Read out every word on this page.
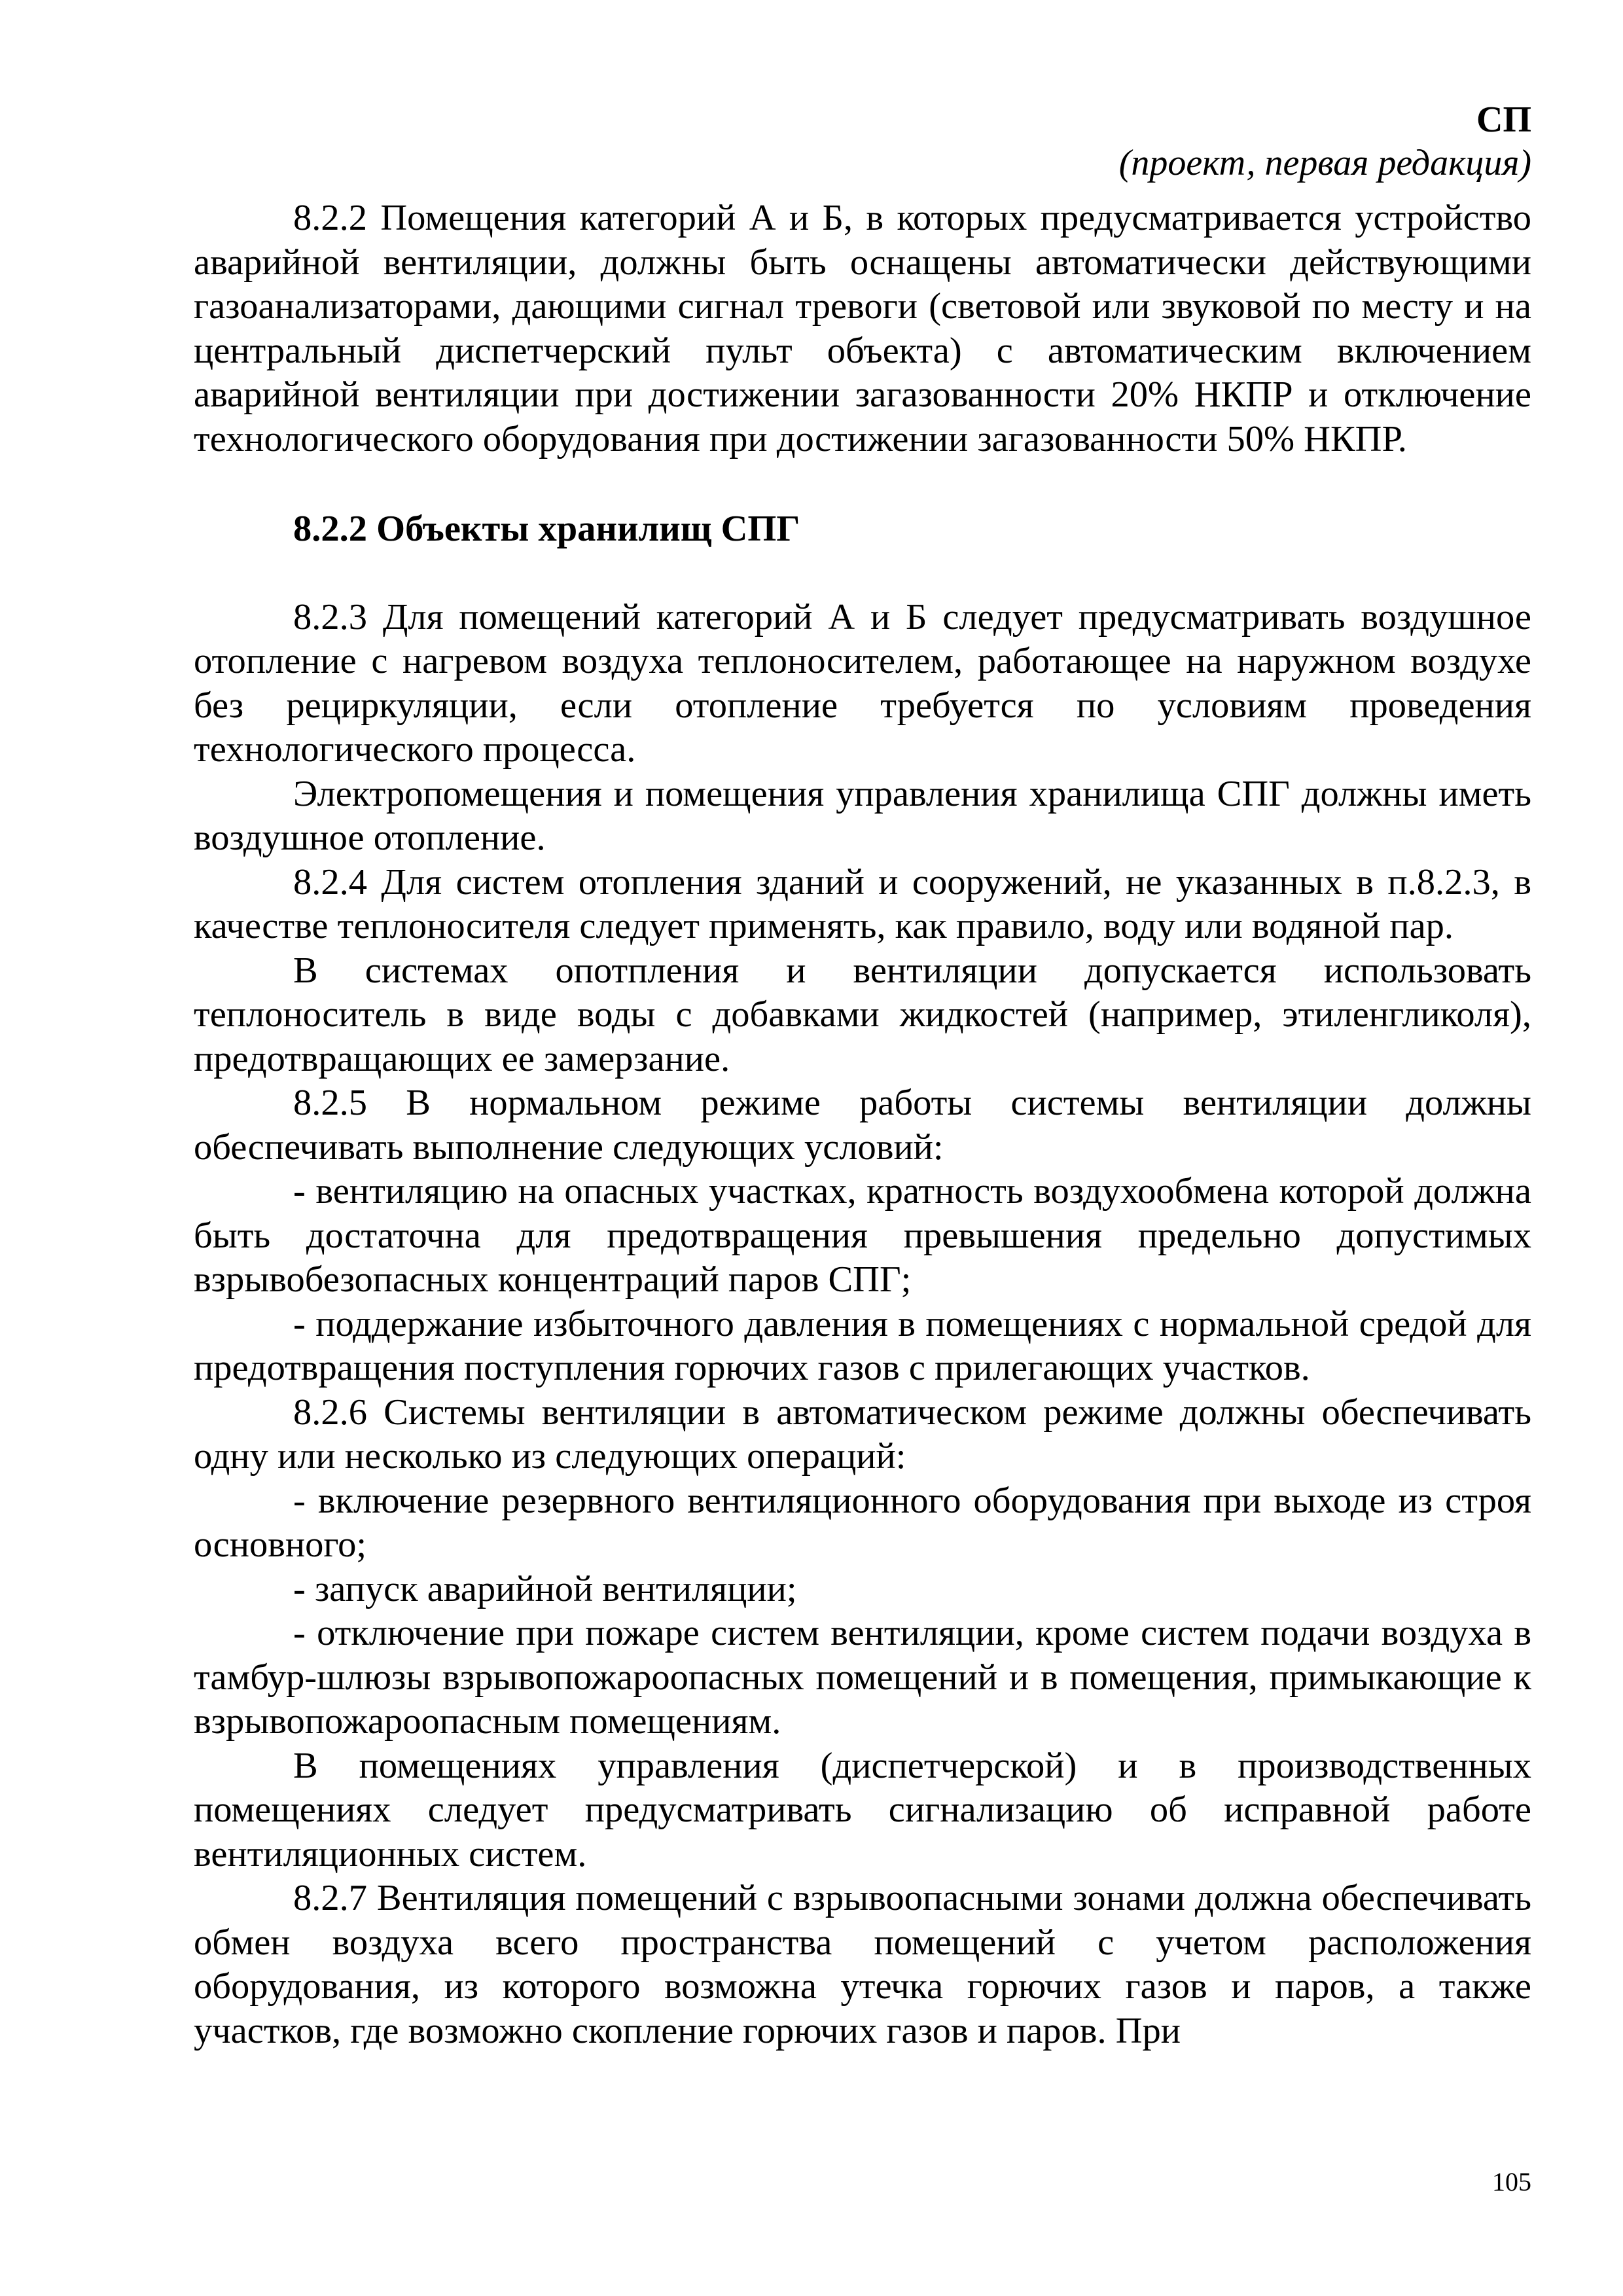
СП
(проект, первая редакция)

8.2.2 Помещения категорий А и Б, в которых предусматривается устройство аварийной вентиляции, должны быть оснащены автоматически действующими газоанализаторами, дающими сигнал тревоги (световой или звуковой по месту и на центральный диспетчерский пульт объекта) с автоматическим включением аварийной вентиляции при достижении загазованности 20% НКПР и отключение технологического оборудования при достижении загазованности 50% НКПР.

8.2.2 Объекты хранилищ СПГ

8.2.3 Для помещений категорий А и Б следует предусматривать воздушное отопление с нагревом воздуха теплоносителем, работающее на наружном воздухе без рециркуляции, если отопление требуется по условиям проведения технологического процесса.

Электропомещения и помещения управления хранилища СПГ должны иметь воздушное отопление.

8.2.4 Для систем отопления зданий и сооружений, не указанных в п.8.2.3, в качестве теплоносителя следует применять, как правило, воду или водяной пар.

В системах опотпления и вентиляции допускается использовать теплоноситель в виде воды с добавками жидкостей (например, этиленгликоля), предотвращающих ее замерзание.

8.2.5 В нормальном режиме работы системы вентиляции должны обеспечивать выполнение следующих условий:

- вентиляцию на опасных участках, кратность воздухообмена которой должна быть достаточна для предотвращения превышения предельно допустимых взрывобезопасных концентраций паров СПГ;

- поддержание избыточного давления в помещениях с нормальной средой для предотвращения поступления горючих газов с прилегающих участков.

8.2.6 Системы вентиляции в автоматическом режиме должны обеспечивать одну или несколько из следующих операций:

- включение резервного вентиляционного оборудования при выходе из строя основного;

- запуск аварийной вентиляции;

- отключение при пожаре систем вентиляции, кроме систем подачи воздуха в тамбур-шлюзы взрывопожароопасных помещений и в помещения, примыкающие к взрывопожароопасным помещениям.

В помещениях управления (диспетчерской) и в производственных помещениях следует предусматривать сигнализацию об исправной работе вентиляционных систем.

8.2.7 Вентиляция помещений с взрывоопасными зонами должна обеспечивать обмен воздуха всего пространства помещений с учетом расположения оборудования, из которого возможна утечка горючих газов и паров, а также участков, где возможно скопление горючих газов и паров. При

105
